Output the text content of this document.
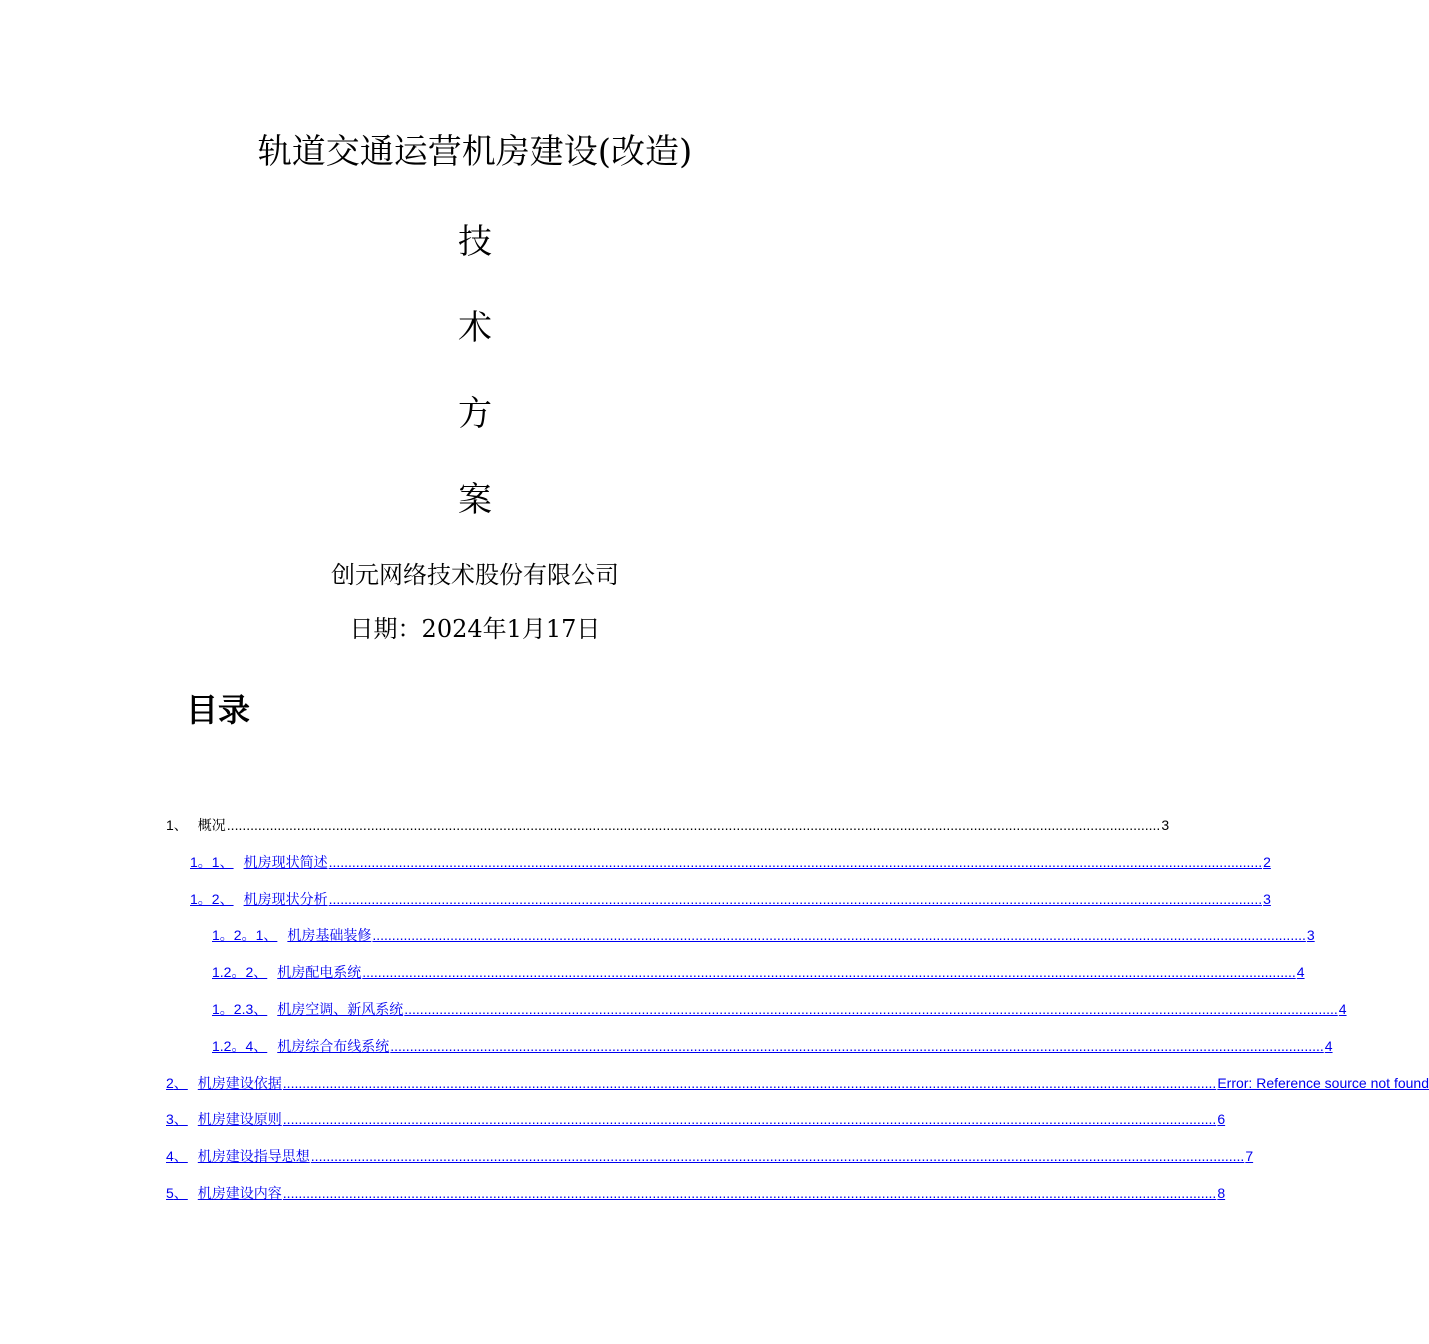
轨道交通运营机房建设(改造)
技
术
方
案
创元网络技术股份有限公司
日期：2024年1月17日
目录
1 、 概况 ................................................................................................................................................................................................................................................ 3
1。1 、 机房现状简述 ................................................................................................................................................................................................................................................ 2
1。2 、 机房现状分析 ................................................................................................................................................................................................................................................ 3
1。2。1 、 机房基础装修 ................................................................................................................................................................................................................................................ 3
1.2。2 、 机房配电系统 ................................................................................................................................................................................................................................................ 4
1。2.3 、 机房空调、新风系统 ................................................................................................................................................................................................................................................ 4
1.2。4 、 机房综合布线系统 ................................................................................................................................................................................................................................................ 4
2 、 机房建设依据 ................................................................................................................................................................................................................................................ Error: Reference source not found
3 、 机房建设原则 ................................................................................................................................................................................................................................................ 6
4 、 机房建设指导思想 ................................................................................................................................................................................................................................................ 7
5 、 机房建设内容 ................................................................................................................................................................................................................................................ 8
